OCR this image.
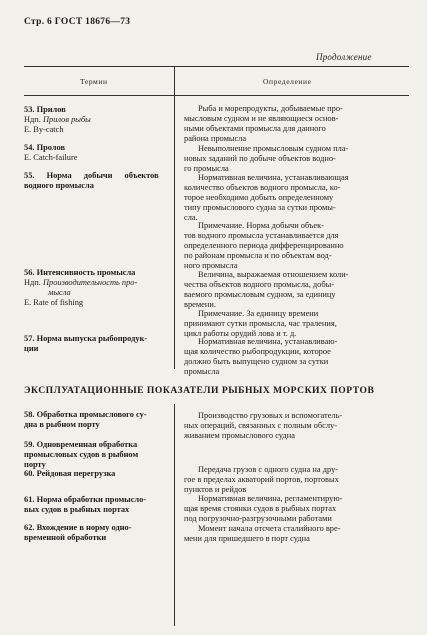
Стр. 6 ГОСТ 18676—73
Продолжение
Термин	Определение
53. Прилов
Ндп. Прилов рыбы
E. By-catch
54. Пролов
E. Catch-failure
55. Норма добычи объектов
водного промысла
56. Интенсивность промысла
Ндп. Производительность про-
мысла
E. Rate of fishing
57. Норма выпуска рыбопродук-
ции
ЭКСПЛУАТАЦИОННЫЕ ПОКАЗАТЕЛИ РЫБНЫХ МОРСКИХ ПОРТОВ
58. Обработка промыслового су-
дна в рыбном порту
59. Одновременная обработка
промысловых судов в рыбном
порту
60. Рейдовая перегрузка
61. Норма обработки промысло-
вых судов в рыбных портах
62. Вхождение в норму одно-
временной обработки
Рыба и морепродукты, добываемые про-
мысловым судном и не являющиеся основ-
ными объектами промысла для данного
района промысла
Невыполнение промысловым судном пла-
новых заданий по добыче объектов водно-
го промысла
Нормативная величина, устанавливающая
количество объектов водного промысла, ко-
торое необходимо добыть определенному
типу промыслового судна за сутки промы-
сла.
Примечание. Норма добычи объек-
тов водного промысла устанавливается для
определенного периода дифференцированно
по районам промысла и по объектам вод-
ного промысла
Величина, выражаемая отношением коли-
чества объектов водного промысла, добы-
ваемого промысловым судном, за единицу
времени.
Примечание. За единицу времени
принимают сутки промысла, час траления,
цикл работы орудий лова и т. д.
Нормативная величина, устанавливаю-
щая количество рыбопродукции, которое
должно быть выпущено судном за сутки
промысла
Производство грузовых и вспомогатель-
ных операций, связанных с полным обслу-
живанием промыслового судна
Передача грузов с одного судна на дру-
гое в пределах акваторий портов, портовых
пунктов и рейдов
Нормативная величина, регламентирую-
щая время стоянки судов в рыбных портах
под погрузочно-разгрузочными работами
Момент начала отсчета сталийного вре-
мени для пришедшего в порт судна
